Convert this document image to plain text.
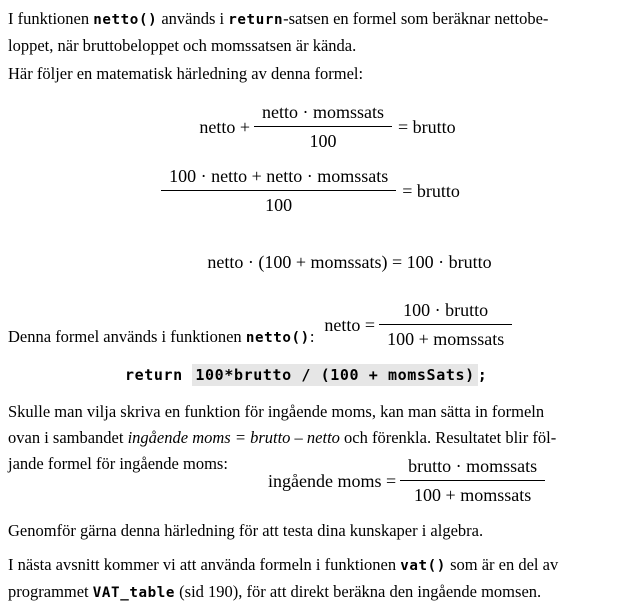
I funktionen netto() används i return-satsen en formel som beräknar nettobe-
loppet, när bruttobeloppet och momssatsen är kända.

Här följer en matematisk härledning av denna formel:

netto + $\frac{\text{netto · momssats}}{100}$ = brutto
$\frac{\text{100 · netto + netto · momssats}}{100}$ = brutto
netto · (100 + momssats) = 100 · brutto
Denna formel används i funktionen netto():
netto = $\frac{\text{100 · brutto}}{\text{100 + momssats}}$
return 100*brutto / (100 + momsSats) ;

Skulle man vilja skriva en funktion för ingående moms, kan man sätta in formeln
ovan i sambandet ingående moms = brutto – netto och förenkla. Resultatet blir föl-
jande formel för ingående moms:

ingående moms = $\frac{\text{brutto · momssats}}{\text{100 + momssats}}$

Genomför gärna denna härledning för att testa dina kunskaper i algebra.

I nästa avsnitt kommer vi att använda formeln i funktionen vat() som är en del av
programmet VAT_table (sid 190), för att direkt beräkna den ingående momsen.
